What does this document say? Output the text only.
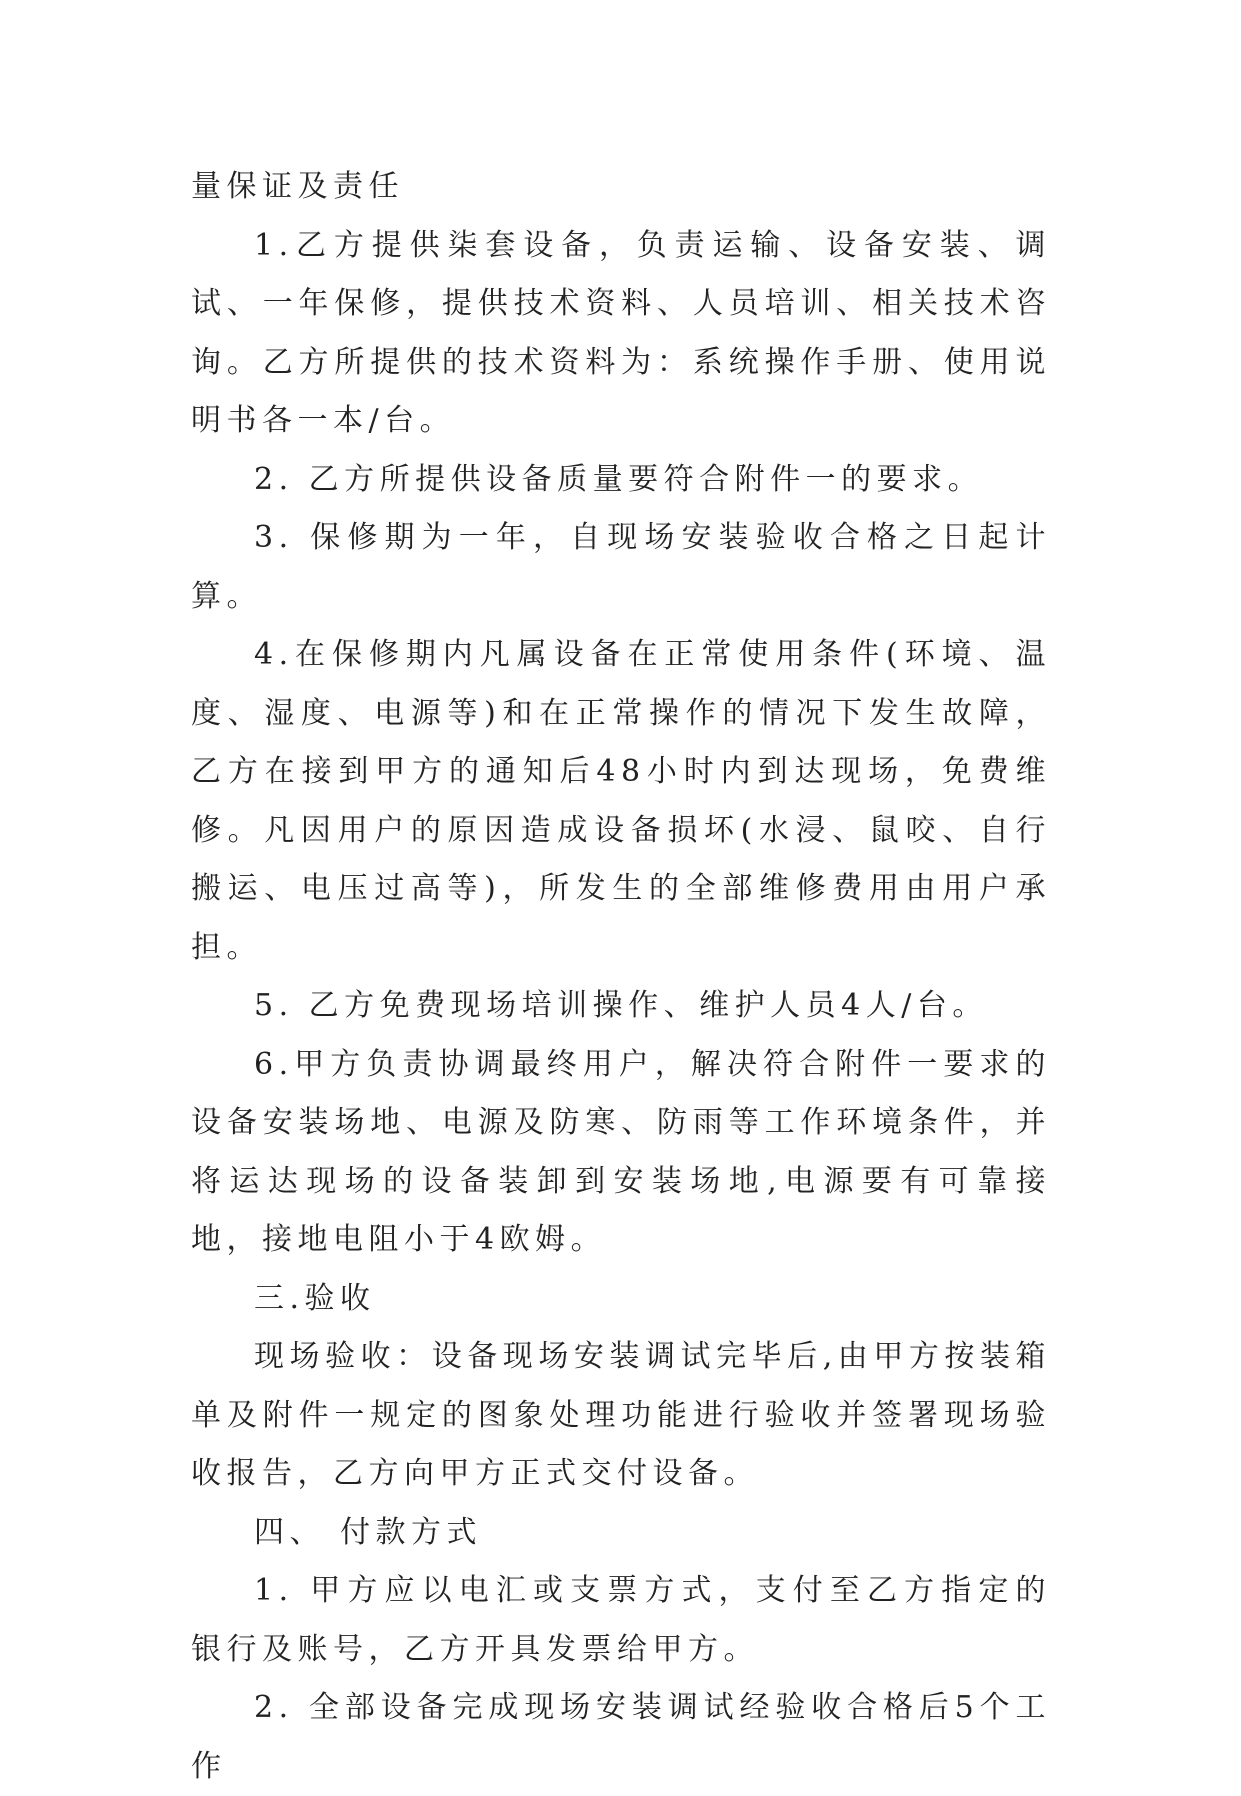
量保证及责任

1.乙方提供柒套设备，负责运输、设备安装、调试、一年保修，提供技术资料、人员培训、相关技术咨询。乙方所提供的技术资料为：系统操作手册、使用说明书各一本/台。

2. 乙方所提供设备质量要符合附件一的要求。

3. 保修期为一年，自现场安装验收合格之日起计算。

4.在保修期内凡属设备在正常使用条件(环境、温度、湿度、电源等)和在正常操作的情况下发生故障，乙方在接到甲方的通知后48小时内到达现场，免费维修。凡因用户的原因造成设备损坏(水浸、鼠咬、自行搬运、电压过高等)，所发生的全部维修费用由用户承担。

5. 乙方免费现场培训操作、维护人员4人/台。

6.甲方负责协调最终用户，解决符合附件一要求的设备安装场地、电源及防寒、防雨等工作环境条件，并将运达现场的设备装卸到安装场地,电源要有可靠接地，接地电阻小于4欧姆。

三.验收

现场验收：设备现场安装调试完毕后,由甲方按装箱单及附件一规定的图象处理功能进行验收并签署现场验收报告，乙方向甲方正式交付设备。

四、 付款方式

1. 甲方应以电汇或支票方式，支付至乙方指定的银行及账号，乙方开具发票给甲方。

2. 全部设备完成现场安装调试经验收合格后5个工作
